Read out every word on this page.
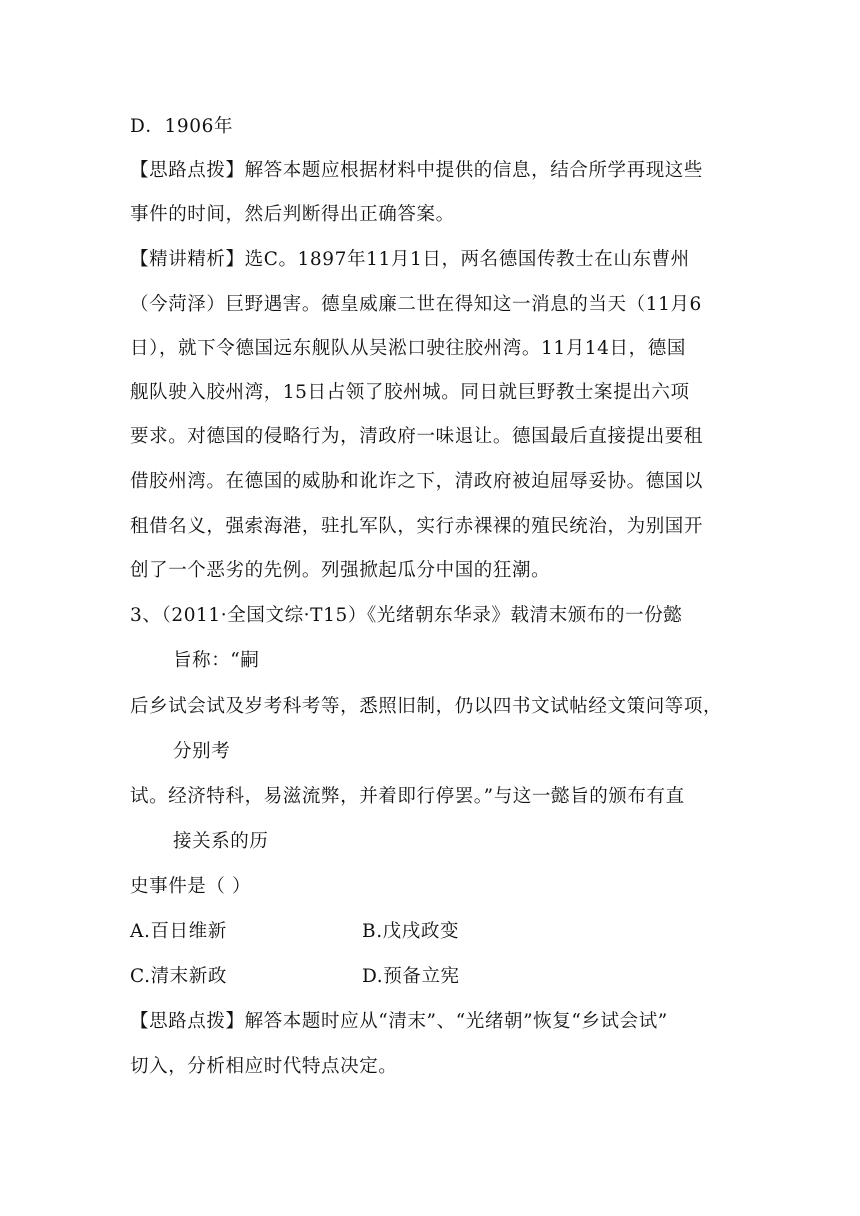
D．1906年
【思路点拨】解答本题应根据材料中提供的信息，结合所学再现这些
事件的时间，然后判断得出正确答案。
【精讲精析】选C。1897年11月1日，两名德国传教士在山东曹州
（今菏泽）巨野遇害。德皇威廉二世在得知这一消息的当天（11月6
日），就下令德国远东舰队从吴淞口驶往胶州湾。11月14日，德国
舰队驶入胶州湾，15日占领了胶州城。同日就巨野教士案提出六项
要求。对德国的侵略行为，清政府一味退让。德国最后直接提出要租
借胶州湾。在德国的威胁和讹诈之下，清政府被迫屈辱妥协。德国以
租借名义，强索海港，驻扎军队，实行赤裸裸的殖民统治，为别国开
创了一个恶劣的先例。列强掀起瓜分中国的狂潮。
3、（2011·全国文综·T15）《光绪朝东华录》载清末颁布的一份懿
旨称：“嗣
后乡试会试及岁考科考等，悉照旧制，仍以四书文试帖经文策问等项，
分别考
试。经济特科，易滋流弊，并着即行停罢。”与这一懿旨的颁布有直
接关系的历
史事件是（ ）
A.百日维新	B.戊戌政变
C.清末新政	D.预备立宪
【思路点拨】解答本题时应从“清末”、“光绪朝”恢复“乡试会试”
切入，分析相应时代特点决定。
